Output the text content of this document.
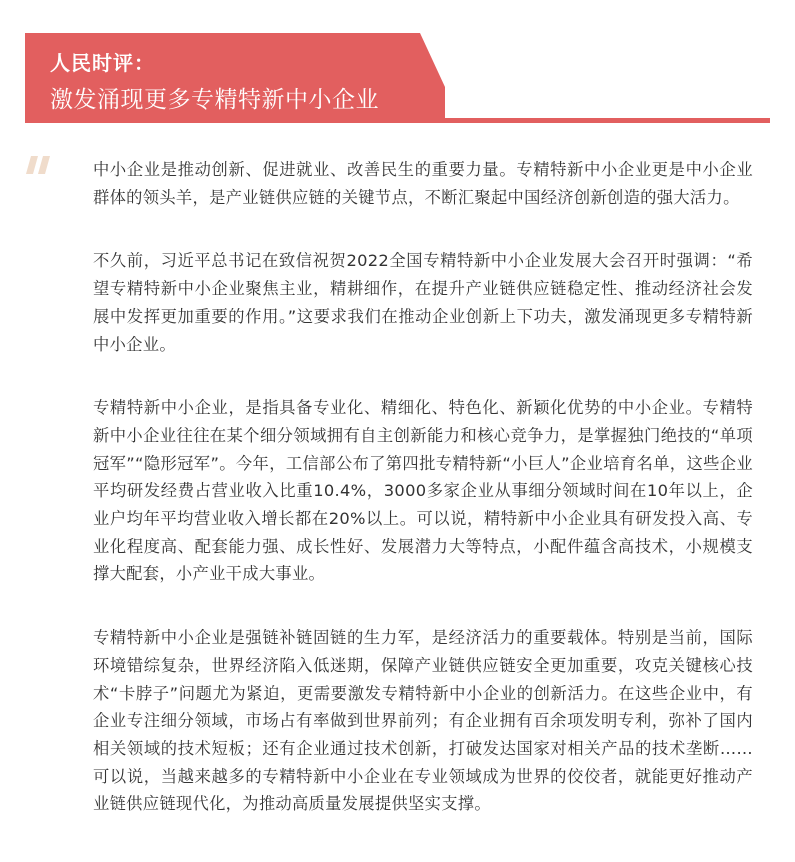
人民时评：
激发涌现更多专精特新中小企业

中小企业是推动创新、促进就业、改善民生的重要力量。专精特新中小企业更是中小企业群体的领头羊，是产业链供应链的关键节点，不断汇聚起中国经济创新创造的强大活力。

不久前，习近平总书记在致信祝贺2022全国专精特新中小企业发展大会召开时强调：“希望专精特新中小企业聚焦主业，精耕细作，在提升产业链供应链稳定性、推动经济社会发展中发挥更加重要的作用。”这要求我们在推动企业创新上下功夫，激发涌现更多专精特新中小企业。

专精特新中小企业，是指具备专业化、精细化、特色化、新颖化优势的中小企业。专精特新中小企业往往在某个细分领域拥有自主创新能力和核心竞争力，是掌握独门绝技的“单项冠军”“隐形冠军”。今年，工信部公布了第四批专精特新“小巨人”企业培育名单，这些企业平均研发经费占营业收入比重10.4%，3000多家企业从事细分领域时间在10年以上，企业户均年平均营业收入增长都在20%以上。可以说，精特新中小企业具有研发投入高、专业化程度高、配套能力强、成长性好、发展潜力大等特点，小配件蕴含高技术，小规模支撑大配套，小产业干成大事业。

专精特新中小企业是强链补链固链的生力军，是经济活力的重要载体。特别是当前，国际环境错综复杂，世界经济陷入低迷期，保障产业链供应链安全更加重要，攻克关键核心技术“卡脖子”问题尤为紧迫，更需要激发专精特新中小企业的创新活力。在这些企业中，有企业专注细分领域，市场占有率做到世界前列；有企业拥有百余项发明专利，弥补了国内相关领域的技术短板；还有企业通过技术创新，打破发达国家对相关产品的技术垄断……可以说，当越来越多的专精特新中小企业在专业领域成为世界的佼佼者，就能更好推动产业链供应链现代化，为推动高质量发展提供坚实支撑。
